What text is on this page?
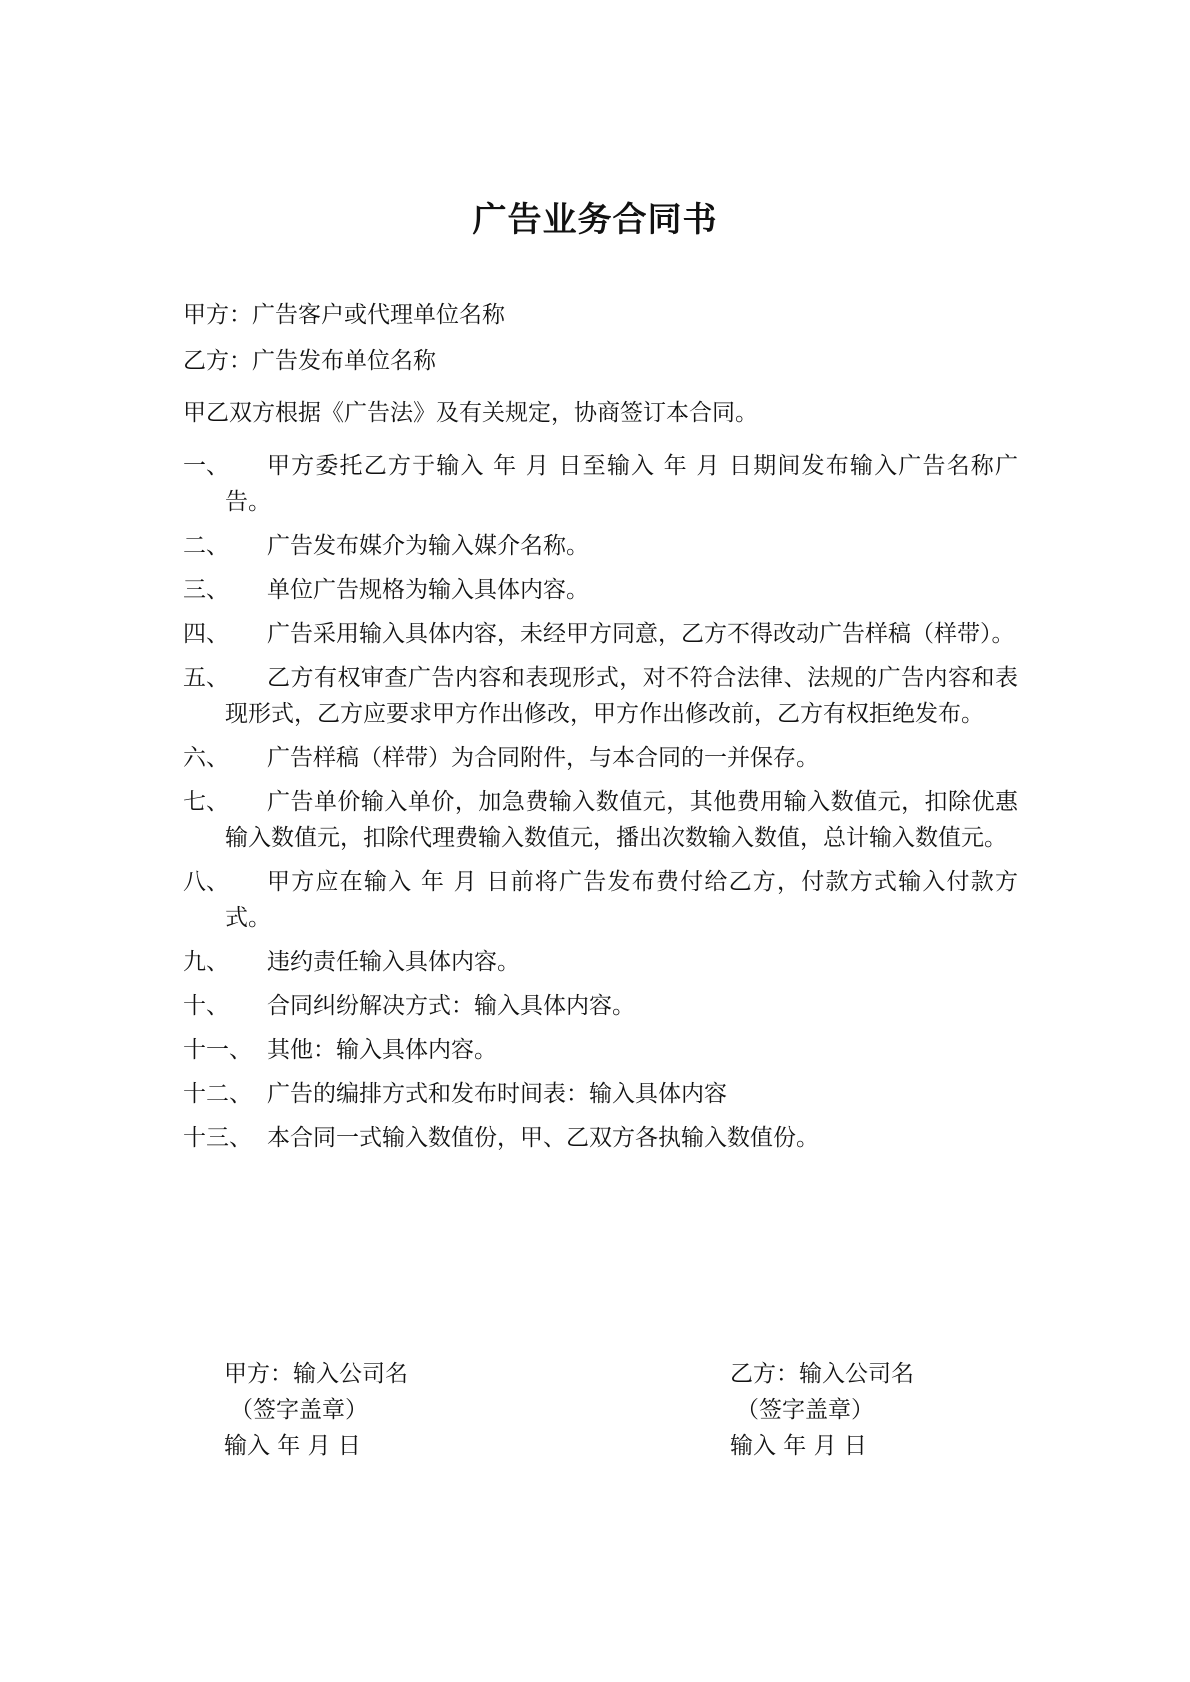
广告业务合同书

甲方：广告客户或代理单位名称

乙方：广告发布单位名称

甲乙双方根据《广告法》及有关规定，协商签订本合同。

一、	甲方委托乙方于输入 年 月 日至输入 年 月 日期间发布输入广告名称广告。
二、	广告发布媒介为输入媒介名称。
三、	单位广告规格为输入具体内容。
四、	广告采用输入具体内容，未经甲方同意，乙方不得改动广告样稿（样带）。
五、	乙方有权审查广告内容和表现形式，对不符合法律、法规的广告内容和表现形式，乙方应要求甲方作出修改，甲方作出修改前，乙方有权拒绝发布。
六、	广告样稿（样带）为合同附件，与本合同的一并保存。
七、	广告单价输入单价，加急费输入数值元，其他费用输入数值元，扣除优惠输入数值元，扣除代理费输入数值元，播出次数输入数值，总计输入数值元。
八、	甲方应在输入 年 月 日前将广告发布费付给乙方，付款方式输入付款方式。
九、	违约责任输入具体内容。
十、	合同纠纷解决方式：输入具体内容。
十一、 其他：输入具体内容。
十二、 广告的编排方式和发布时间表：输入具体内容
十三、 本合同一式输入数值份，甲、乙双方各执输入数值份。
甲方：输入公司名
（签字盖章）
输入 年 月 日
乙方：输入公司名
（签字盖章）
输入 年 月 日
